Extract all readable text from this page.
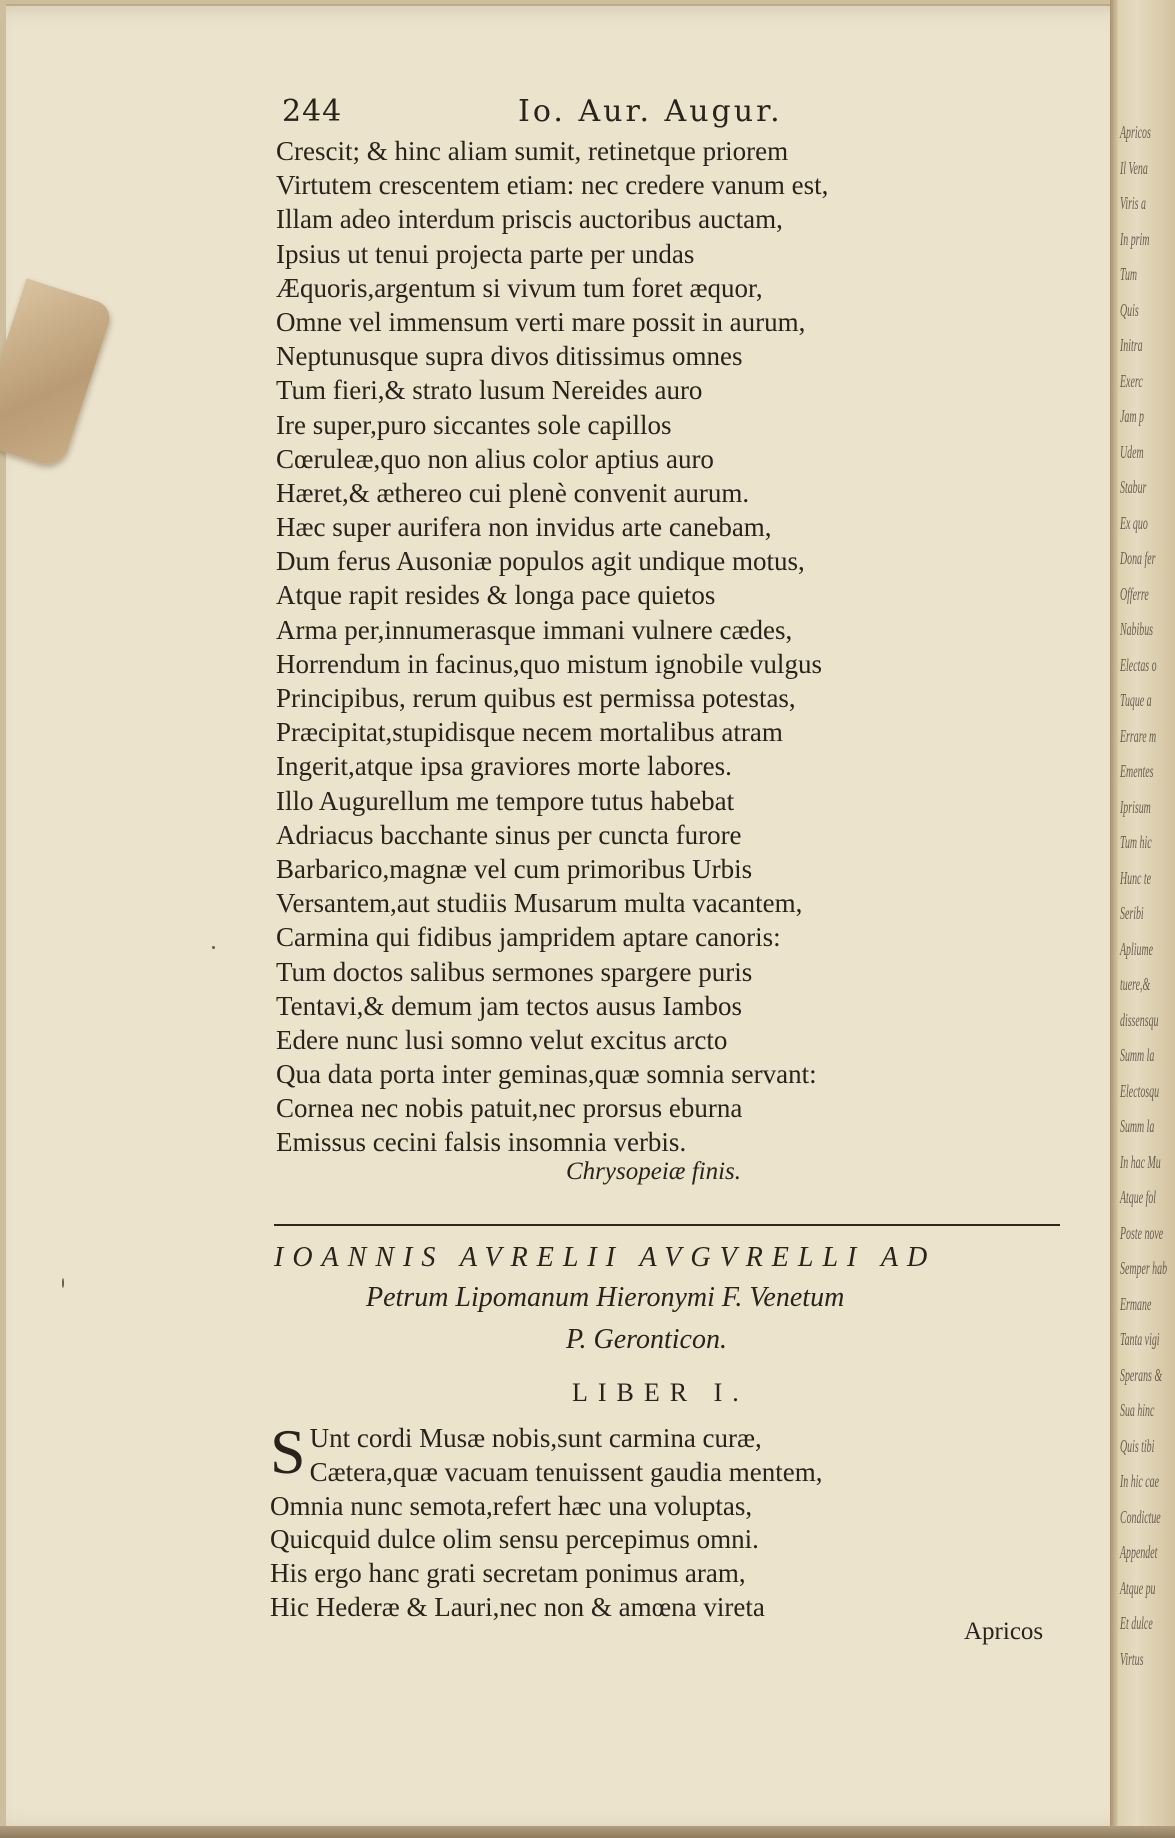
244	Io. Aur. Augur.
Crescit; & hinc aliam sumit, retinetque priorem
Virtutem crescentem etiam: nec credere vanum est,
Illam adeo interdum priscis auctoribus auctam,
Ipsius ut tenui projecta parte per undas
Æquoris,argentum si vivum tum foret æquor,
Omne vel immensum verti mare possit in aurum,
Neptunusque supra divos ditissimus omnes
Tum fieri,& strato lusum Nereides auro
Ire super,puro siccantes sole capillos
Cœruleæ,quo non alius color aptius auro
Hæret,& æthereo cui plenè convenit aurum.
Hæc super aurifera non invidus arte canebam,
Dum ferus Ausoniæ populos agit undique motus,
Atque rapit resides & longa pace quietos
Arma per,innumerasque immani vulnere cædes,
Horrendum in facinus,quo mistum ignobile vulgus
Principibus, rerum quibus est permissa potestas,
Præcipitat,stupidisque necem mortalibus atram
Ingerit,atque ipsa graviores morte labores.
Illo Augurellum me tempore tutus habebat
Adriacus bacchante sinus per cuncta furore
Barbarico,magnæ vel cum primoribus Urbis
Versantem,aut studiis Musarum multa vacantem,
Carmina qui fidibus jampridem aptare canoris:
Tum doctos salibus sermones spargere puris
Tentavi,& demum jam tectos ausus Iambos
Edere nunc lusi somno velut excitus arcto
Qua data porta inter geminas,quæ somnia servant:
Cornea nec nobis patuit,nec prorsus eburna
Emissus cecini falsis insomnia verbis.
Chrysopeiæ finis.
IOANNIS AVRELII AVGVRELLI AD
Petrum Lipomanum Hieronymi F. Venetum
P. Geronticon.
LIBER I.
S Unt cordi Musæ nobis,sunt carmina curæ,
Cætera,quæ vacuam tenuissent gaudia mentem,
Omnia nunc semota,refert hæc una voluptas,
Quicquid dulce olim sensu percepimus omni.
His ergo hanc grati secretam ponimus aram,
Hic Hederæ & Lauri,nec non & amœna vireta
Apricos
Apricos
Il Vena
Viris a
In prim
Tum
Quis
Initra
Exerc
Jam p
Udem
Stabur
Ex quo
Dona fer
Offerre
Nabibus
Electas o
Tuque a
Errare m
Ementes
Iprisum
Tum hic
Hunc te
Seribi
Apliume
tuere,&
dissensqu
Summ la
Electosqu
Summ la
In hac Mu
Atque fol
Poste nove
Semper hab
Ermane
Tanta vigi
Sperans &
Sua hinc
Quis tibi
In hic cae
Condictue
Appendet
Atque pu
Et dulce
Virtus
